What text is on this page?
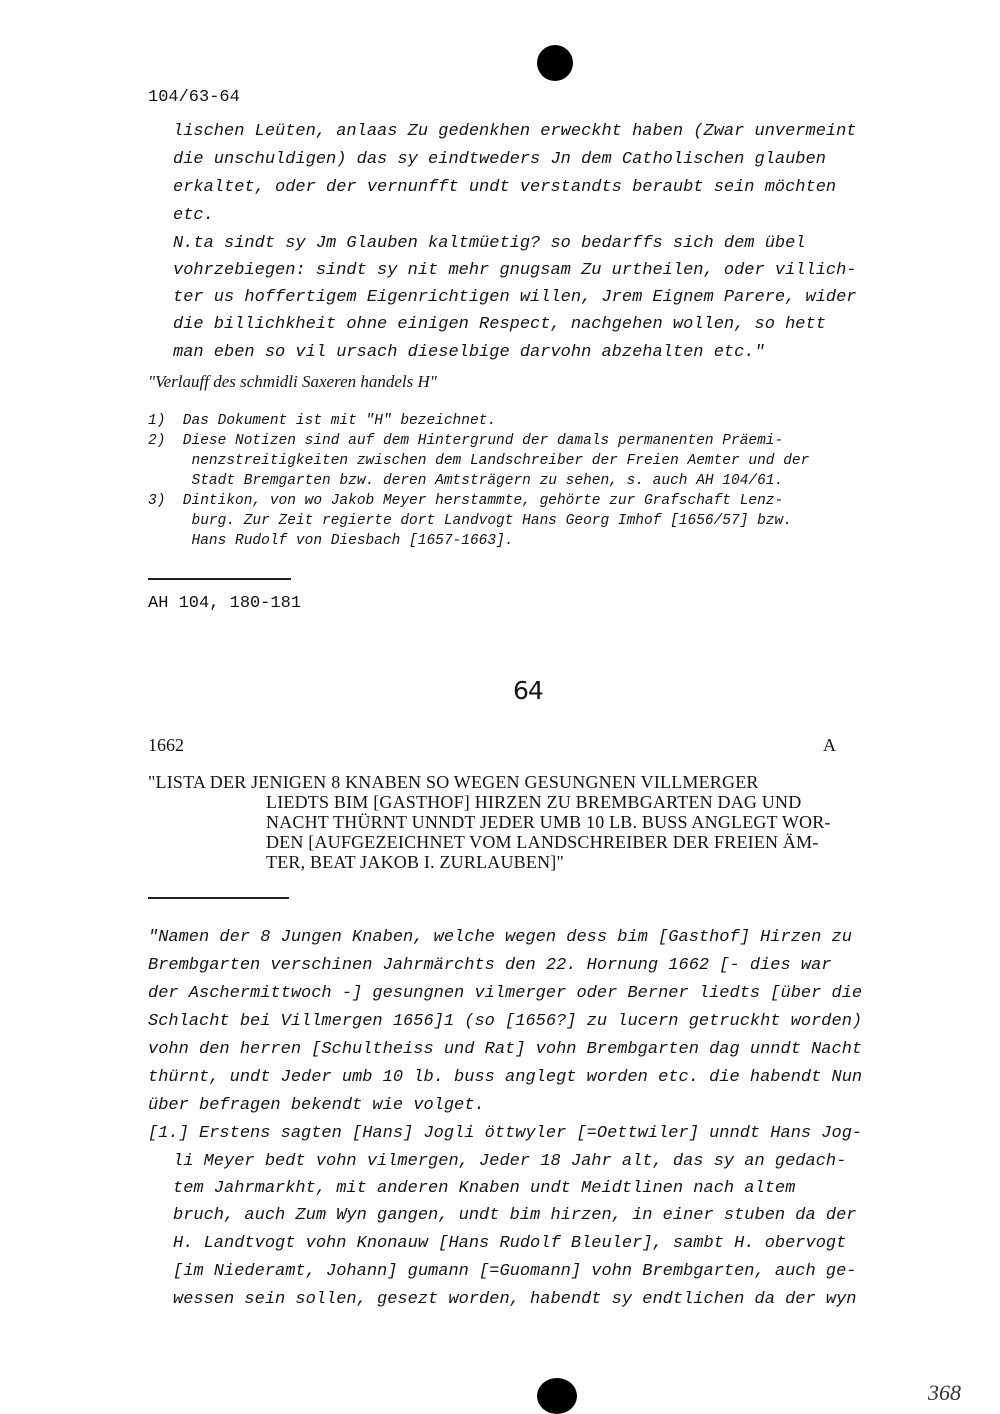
104/63-64
lischen Leüten, anlaas Zu gedenkhen erweckht haben (Zwar unvermeint
die unschuldigen) das sy eindtweders Jn dem Catholischen glauben
erkaltet, oder der vernunfft undt verstandts beraubt sein möchten
etc.
N.ta sindt sy Jm Glauben kaltmüetig? so bedarffs sich dem übel
vohrzebiegen: sindt sy nit mehr gnugsam Zu urtheilen, oder villich-
ter us hoffertigem Eigenrichtigen willen, Jrem Eignem Parere, wider
die billichkheit ohne einigen Respect, nachgehen wollen, so hett
man eben so vil ursach dieselbige darvohn abzehalten etc."
"Verlauff des schmidli Saxeren handels H"
1)  Das Dokument ist mit "H" bezeichnet.
2)  Diese Notizen sind auf dem Hintergrund der damals permanenten Präemi-
nenzstreitigkeiten zwischen dem Landschreiber der Freien Aemter und der
Stadt Bremgarten bzw. deren Amtsträgern zu sehen, s. auch AH 104/61.
3)  Dintikon, von wo Jakob Meyer herstammte, gehörte zur Grafschaft Lenz-
burg. Zur Zeit regierte dort Landvogt Hans Georg Imhof [1656/57] bzw.
Hans Rudolf von Diesbach [1657-1663].
AH 104, 180-181
64
1662	A
"LISTA DER JENIGEN 8 KNABEN SO WEGEN GESUNGNEN VILLMERGER
LIEDTS BIM [GASTHOF] HIRZEN ZU BREMBGARTEN DAG UND
NACHT THÜRNT UNNDT JEDER UMB 10 LB. BUSS ANGLEGT WOR-
DEN [AUFGEZEICHNET VOM LANDSCHREIBER DER FREIEN ÄM-
TER, BEAT JAKOB I. ZURLAUBEN]"
"Namen der 8 Jungen Knaben, welche wegen dess bim [Gasthof] Hirzen zu
Brembgarten verschinen Jahrmärchts den 22. Hornung 1662 [- dies war
der Aschermittwoch -] gesungnen vilmerger oder Berner liedts [über die
Schlacht bei Villmergen 1656]1 (so [1656?] zu lucern getruckht worden)
vohn den herren [Schultheiss und Rat] vohn Brembgarten dag unndt Nacht
thürnt, undt Jeder umb 10 lb. buss anglegt worden etc. die habendt Nun
über befragen bekendt wie volget.
[1.] Erstens sagten [Hans] Jogli öttwyler [=Oettwiler] unndt Hans Jog-
li Meyer bedt vohn vilmergen, Jeder 18 Jahr alt, das sy an gedach-
tem Jahrmarkht, mit anderen Knaben undt Meidtlinen nach altem
bruch, auch Zum Wyn gangen, undt bim hirzen, in einer stuben da der
H. Landtvogt vohn Knonauw [Hans Rudolf Bleuler], sambt H. obervogt
[im Niederamt, Johann] gumann [=Guomann] vohn Brembgarten, auch ge-
wessen sein sollen, gesezt worden, habendt sy endtlichen da der wyn
368
